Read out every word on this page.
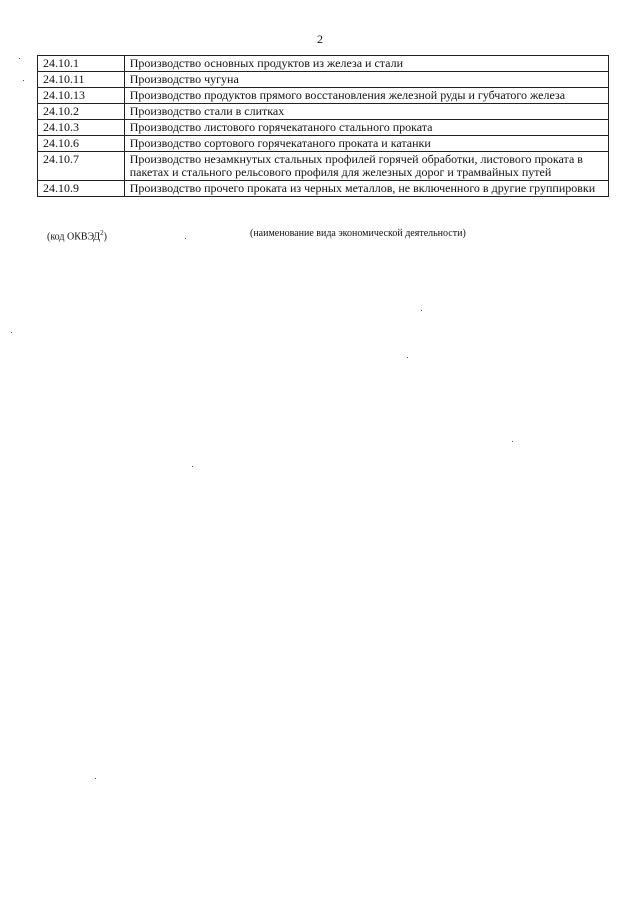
2
24.10.1	Производство основных продуктов из железа и стали
24.10.11	Производство чугуна
24.10.13	Производство продуктов прямого восстановления железной руды и губчатого железа
24.10.2	Производство стали в слитках
24.10.3	Производство листового горячекатаного стального проката
24.10.6	Производство сортового горячекатаного проката и катанки
24.10.7	Производство незамкнутых стальных профилей горячей обработки, листового проката в пакетах и стального рельсового профиля для железных дорог и трамвайных путей
24.10.9	Производство прочего проката из черных металлов, не включенного в другие группировки
(код ОКВЭД$^2$)	(наименование вида экономической деятельности)
